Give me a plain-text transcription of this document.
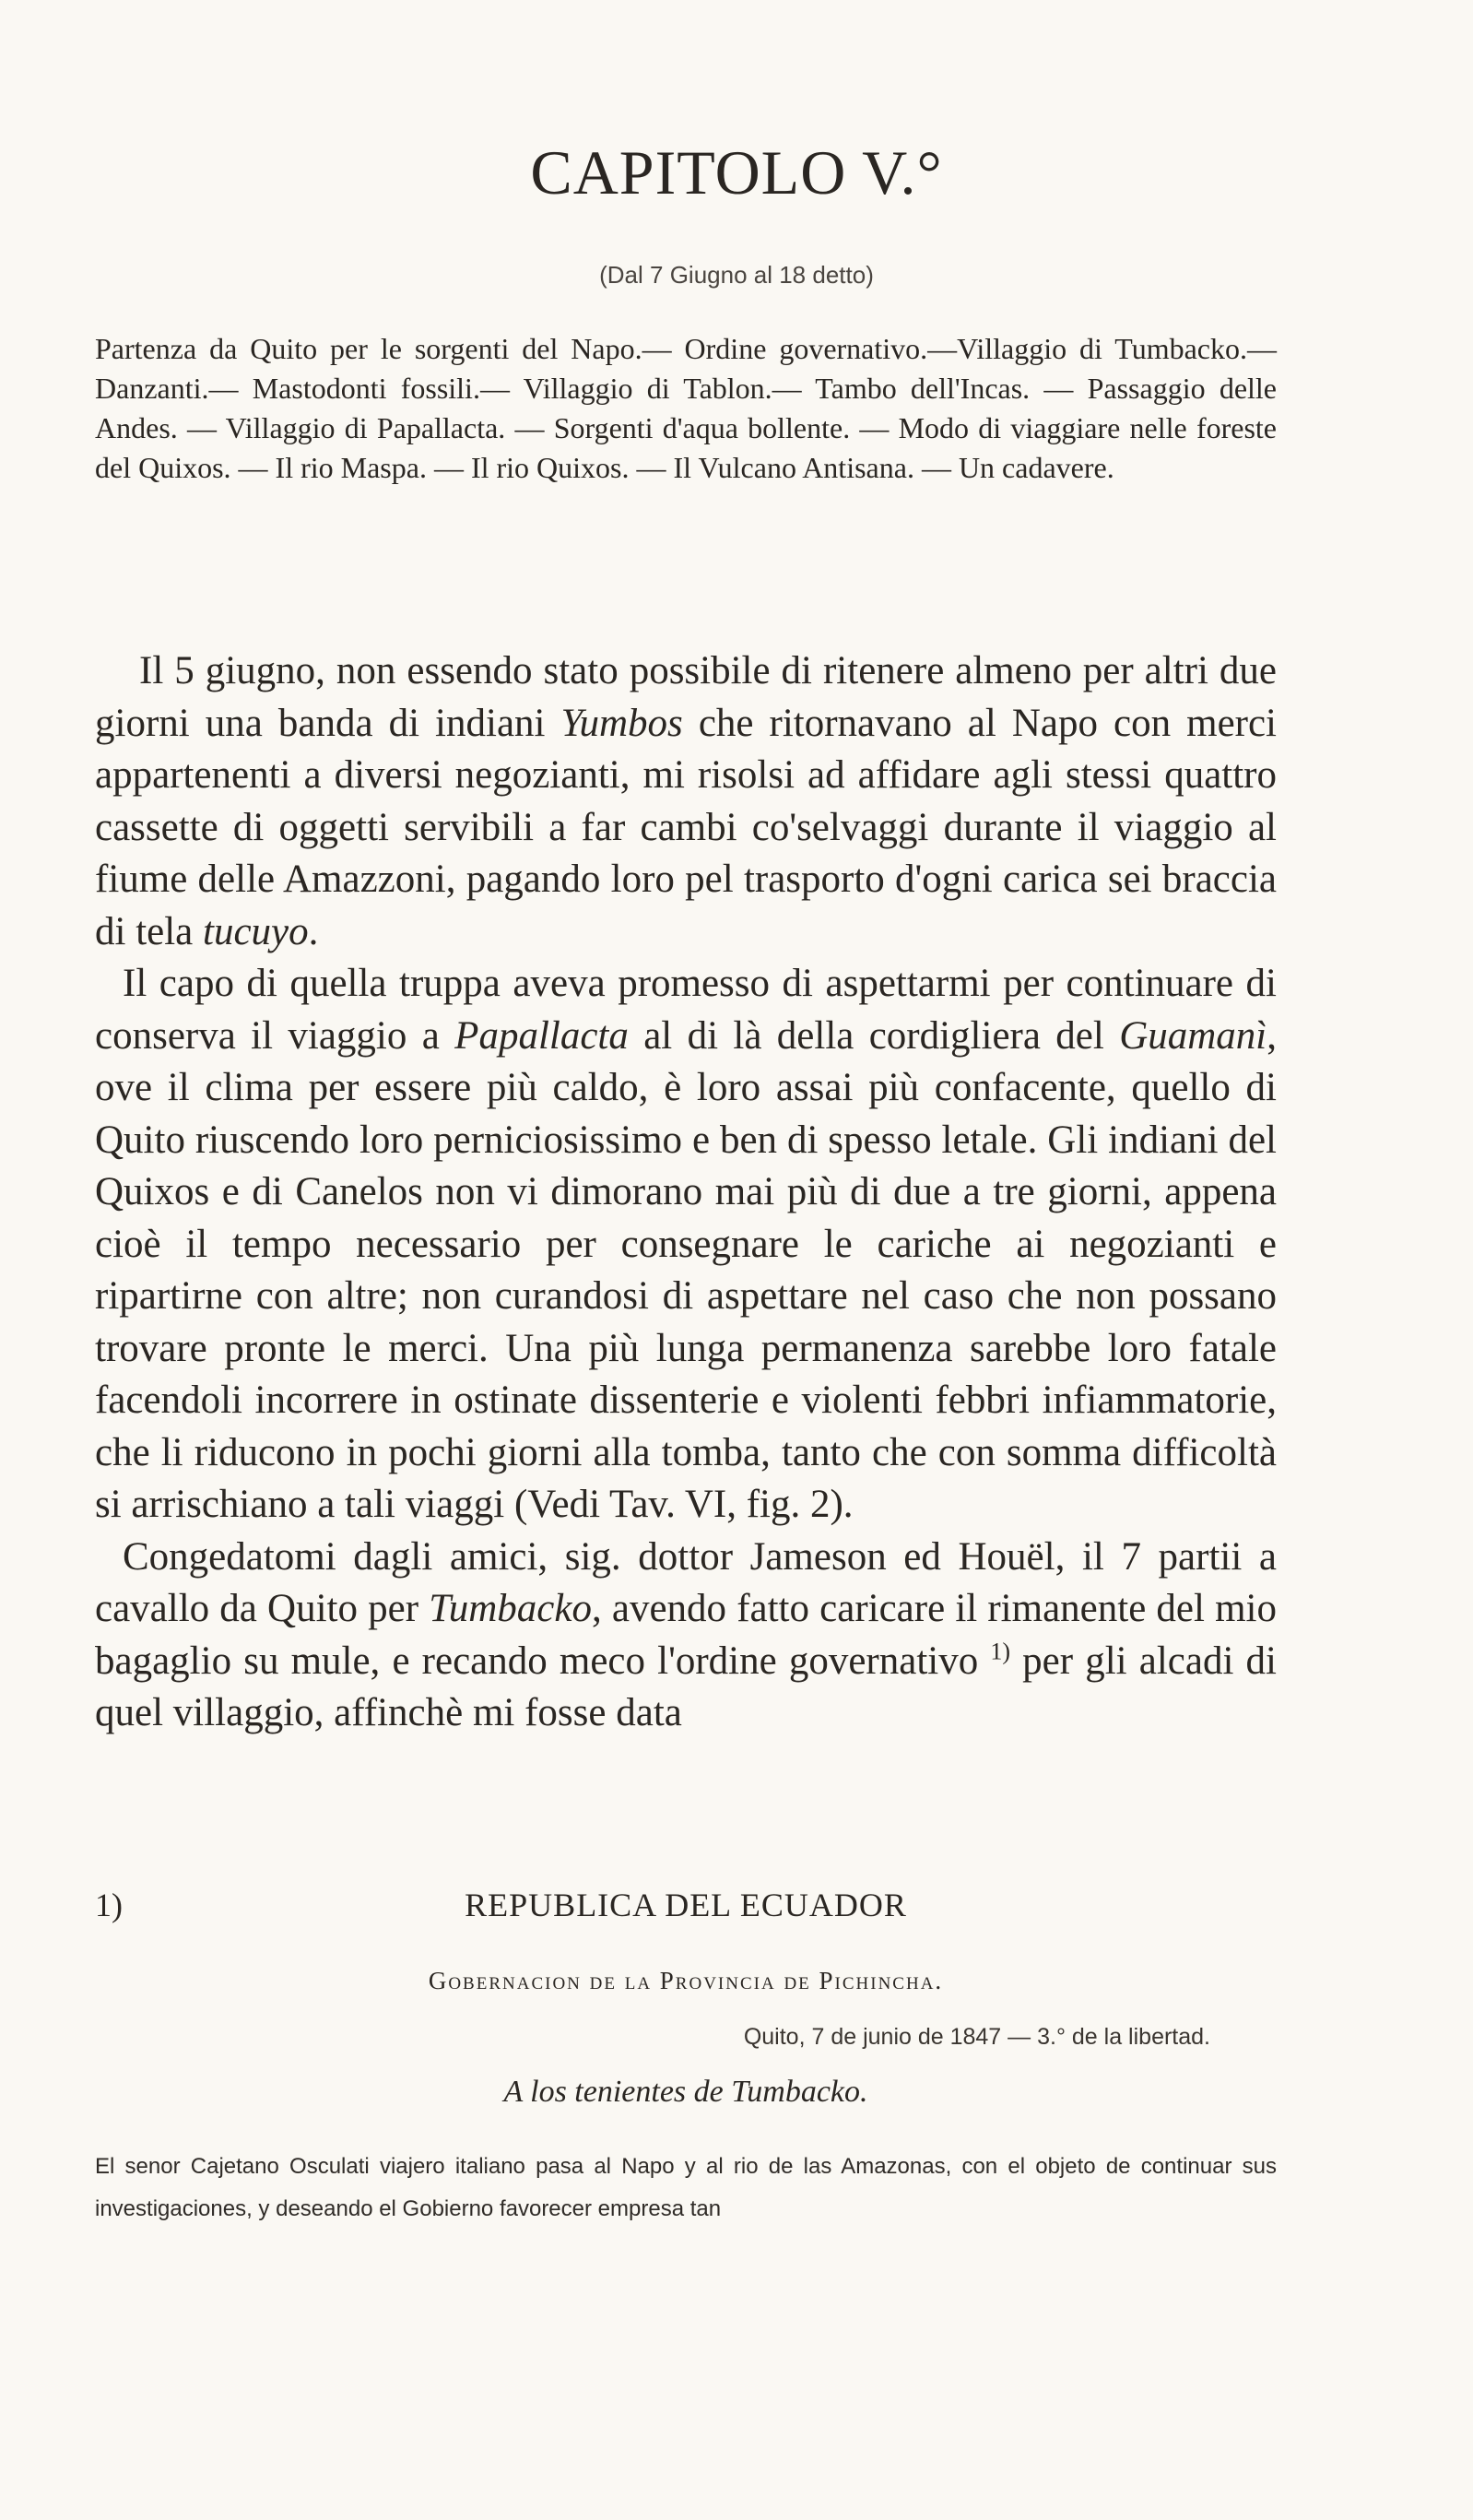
CAPITOLO V.°
(Dal 7 Giugno al 18 detto)

Partenza da Quito per le sorgenti del Napo.— Ordine governativo.—Villaggio di Tumbacko.— Danzanti.— Mastodonti fossili.— Villaggio di Tablon.— Tambo dell'Incas. — Passaggio delle Andes. — Villaggio di Papallacta. — Sorgenti d'aqua bollente. — Modo di viaggiare nelle foreste del Quixos. — Il rio Maspa. — Il rio Quixos. — Il Vulcano Antisana. — Un cadavere.

Il 5 giugno, non essendo stato possibile di ritenere almeno per altri due giorni una banda di indiani Yumbos che ritornavano al Napo con merci appartenenti a diversi negozianti, mi risolsi ad affidare agli stessi quattro cassette di oggetti servibili a far cambi co'selvaggi durante il viaggio al fiume delle Amazzoni, pagando loro pel trasporto d'ogni carica sei braccia di tela tucuyo.

Il capo di quella truppa aveva promesso di aspettarmi per continuare di conserva il viaggio a Papallacta al di là della cordigliera del Guamanì, ove il clima per essere più caldo, è loro assai più confacente, quello di Quito riuscendo loro perniciosissimo e ben di spesso letale. Gli indiani del Quixos e di Canelos non vi dimorano mai più di due a tre giorni, appena cioè il tempo necessario per consegnare le cariche ai negozianti e ripartirne con altre; non curandosi di aspettare nel caso che non possano trovare pronte le merci. Una più lunga permanenza sarebbe loro fatale facendoli incorrere in ostinate dissenterie e violenti febbri infiammatorie, che li riducono in pochi giorni alla tomba, tanto che con somma difficoltà si arrischiano a tali viaggi (Vedi Tav. VI, fig. 2).

Congedatomi dagli amici, sig. dottor Jameson ed Houël, il 7 partii a cavallo da Quito per Tumbacko, avendo fatto caricare il rimanente del mio bagaglio su mule, e recando meco l'ordine governativo $^{1)}$ per gli alcadi di quel villaggio, affinchè mi fosse data

1)	REPUBLICA DEL ECUADOR
Gobernacion de la Provincia de Pichincha.
Quito, 7 de junio de 1847 — 3.° de la libertad.
A los tenientes de Tumbacko.

El senor Cajetano Osculati viajero italiano pasa al Napo y al rio de las Amazonas, con el objeto de continuar sus investigaciones, y deseando el Gobierno favorecer empresa tan
